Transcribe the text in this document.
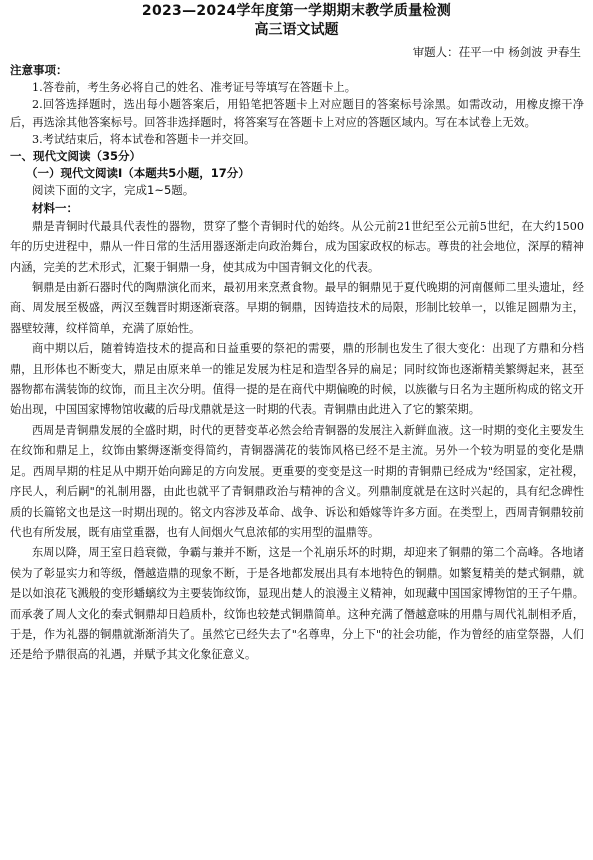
2023—2024学年度第一学期期末教学质量检测
高三语文试题
审题人：茌平一中 杨剑波 尹春生
注意事项：

1.答卷前，考生务必将自己的姓名、准考证号等填写在答题卡上。

2.回答选择题时，选出每小题答案后，用铅笔把答题卡上对应题目的答案标号涂黑。如需改动，用橡皮擦干净后，再选涂其他答案标号。回答非选择题时，将答案写在答题卡上对应的答题区域内。写在本试卷上无效。

3.考试结束后，将本试卷和答题卡一并交回。

一、现代文阅读（35分）
（一）现代文阅读Ⅰ（本题共5小题，17分）
阅读下面的文字，完成1~5题。
材料一：

鼎是青铜时代最具代表性的器物，贯穿了整个青铜时代的始终。从公元前21世纪至公元前5世纪，在大约1500年的历史进程中，鼎从一件日常的生活用器逐渐走向政治舞台，成为国家政权的标志。尊贵的社会地位，深厚的精神内涵，完美的艺术形式，汇聚于铜鼎一身，使其成为中国青铜文化的代表。

铜鼎是由新石器时代的陶鼎演化而来，最初用来烹煮食物。最早的铜鼎见于夏代晚期的河南偃师二里头遗址，经商、周发展至极盛，两汉至魏晋时期逐渐衰落。早期的铜鼎，因铸造技术的局限，形制比较单一，以锥足圆鼎为主，器壁较薄，纹样简单，充满了原始性。

商中期以后，随着铸造技术的提高和日益重要的祭祀的需要，鼎的形制也发生了很大变化：出现了方鼎和分档鼎，且形体也不断变大，鼎足由原来单一的锥足发展为柱足和造型各异的扁足；同时纹饰也逐渐精美繁缛起来，甚至器物都布满装饰的纹饰，而且主次分明。值得一提的是在商代中期偏晚的时候，以族徽与日名为主题所构成的铭文开始出现，中国国家博物馆收藏的后母戊鼎就是这一时期的代表。青铜鼎由此进入了它的繁荣期。

西周是青铜鼎发展的全盛时期，时代的更替变革必然会给青铜器的发展注入新鲜血液。这一时期的变化主要发生在纹饰和鼎足上，纹饰由繁缛逐渐变得简约，青铜器满花的装饰风格已经不是主流。另外一个较为明显的变化是鼎足。西周早期的柱足从中期开始向蹄足的方向发展。更重要的变变是这一时期的青铜鼎已经成为"经国家，定社稷，序民人，利后嗣"的礼制用器，由此也就平了青铜鼎政治与精神的含义。列鼎制度就是在这时兴起的，具有纪念碑性质的长篇铭文也是这一时期出现的。铭文内容涉及革命、战争、诉讼和婚嫁等许多方面。在类型上，西周青铜鼎较前代也有所发展，既有庙堂重器，也有人间烟火气息浓郁的实用型的温鼎等。

东周以降，周王室日趋衰微，争霸与兼并不断，这是一个礼崩乐坏的时期，却迎来了铜鼎的第二个高峰。各地诸侯为了彰显实力和等级，僭越造鼎的现象不断，于是各地都发展出具有本地特色的铜鼎。如繁复精美的楚式铜鼎，就是以如浪花飞溅般的变形蟠螭纹为主要装饰纹饰，显现出楚人的浪漫主义精神，如现藏中国国家博物馆的王子午鼎。而承袭了周人文化的秦式铜鼎却日趋质朴，纹饰也较楚式铜鼎简单。这种充满了僭越意味的用鼎与周代礼制相矛盾，于是，作为礼器的铜鼎就渐渐消失了。虽然它已经失去了"名尊卑，分上下"的社会功能，作为曾经的庙堂祭器，人们还是给予鼎很高的礼遇，并赋予其文化象征意义。
